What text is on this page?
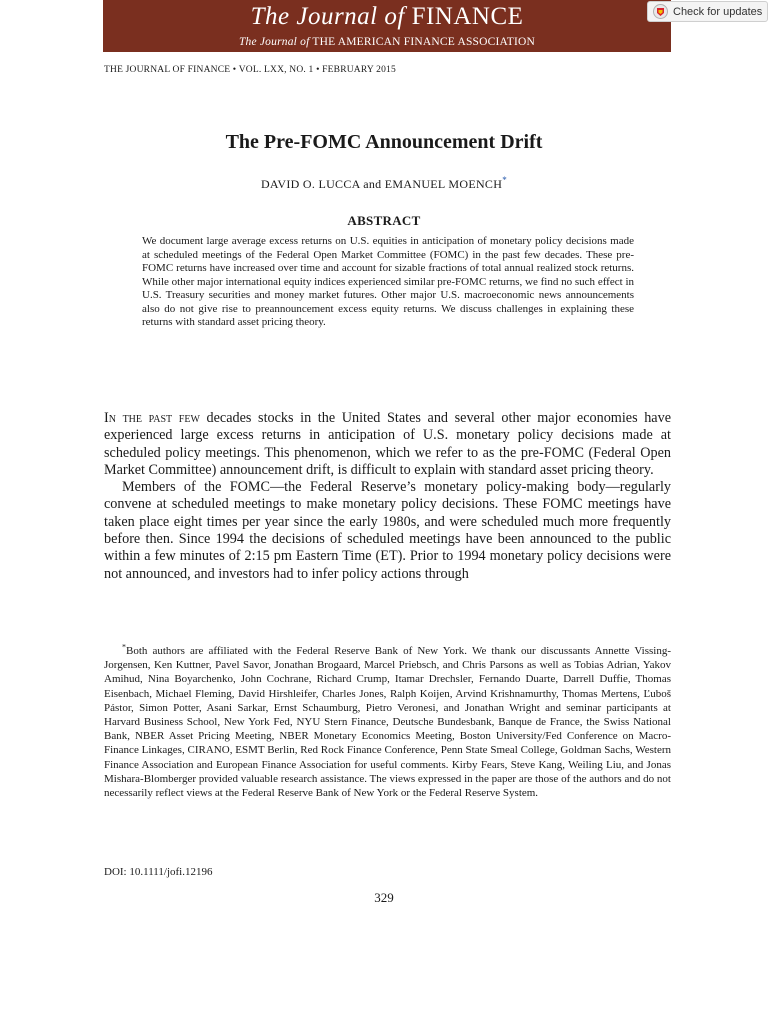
The Journal of FINANCE
The Journal of THE AMERICAN FINANCE ASSOCIATION
Check for updates
THE JOURNAL OF FINANCE • VOL. LXX, NO. 1 • FEBRUARY 2015
The Pre-FOMC Announcement Drift
DAVID O. LUCCA and EMANUEL MOENCH*
ABSTRACT
We document large average excess returns on U.S. equities in anticipation of monetary policy decisions made at scheduled meetings of the Federal Open Market Committee (FOMC) in the past few decades. These pre-FOMC returns have increased over time and account for sizable fractions of total annual realized stock returns. While other major international equity indices experienced similar pre-FOMC returns, we find no such effect in U.S. Treasury securities and money market futures. Other major U.S. macroeconomic news announcements also do not give rise to preannouncement excess equity returns. We discuss challenges in explaining these returns with standard asset pricing theory.

In the past few decades stocks in the United States and several other major economies have experienced large excess returns in anticipation of U.S. monetary policy decisions made at scheduled policy meetings. This phenomenon, which we refer to as the pre-FOMC (Federal Open Market Committee) announcement drift, is difficult to explain with standard asset pricing theory.

Members of the FOMC—the Federal Reserve’s monetary policy-making body—regularly convene at scheduled meetings to make monetary policy decisions. These FOMC meetings have taken place eight times per year since the early 1980s, and were scheduled much more frequently before then. Since 1994 the decisions of scheduled meetings have been announced to the public within a few minutes of 2:15 pm Eastern Time (ET). Prior to 1994 monetary policy decisions were not announced, and investors had to infer policy actions through

*Both authors are affiliated with the Federal Reserve Bank of New York. We thank our discussants Annette Vissing-Jorgensen, Ken Kuttner, Pavel Savor, Jonathan Brogaard, Marcel Priebsch, and Chris Parsons as well as Tobias Adrian, Yakov Amihud, Nina Boyarchenko, John Cochrane, Richard Crump, Itamar Drechsler, Fernando Duarte, Darrell Duffie, Thomas Eisenbach, Michael Fleming, David Hirshleifer, Charles Jones, Ralph Koijen, Arvind Krishnamurthy, Thomas Mertens, Ľuboš Pástor, Simon Potter, Asani Sarkar, Ernst Schaumburg, Pietro Veronesi, and Jonathan Wright and seminar participants at Harvard Business School, New York Fed, NYU Stern Finance, Deutsche Bundesbank, Banque de France, the Swiss National Bank, NBER Asset Pricing Meeting, NBER Monetary Economics Meeting, Boston University/Fed Conference on Macro-Finance Linkages, CIRANO, ESMT Berlin, Red Rock Finance Conference, Penn State Smeal College, Goldman Sachs, Western Finance Association and European Finance Association for useful comments. Kirby Fears, Steve Kang, Weiling Liu, and Jonas Mishara-Blomberger provided valuable research assistance. The views expressed in the paper are those of the authors and do not necessarily reflect views at the Federal Reserve Bank of New York or the Federal Reserve System.

DOI: 10.1111/jofi.12196
329
